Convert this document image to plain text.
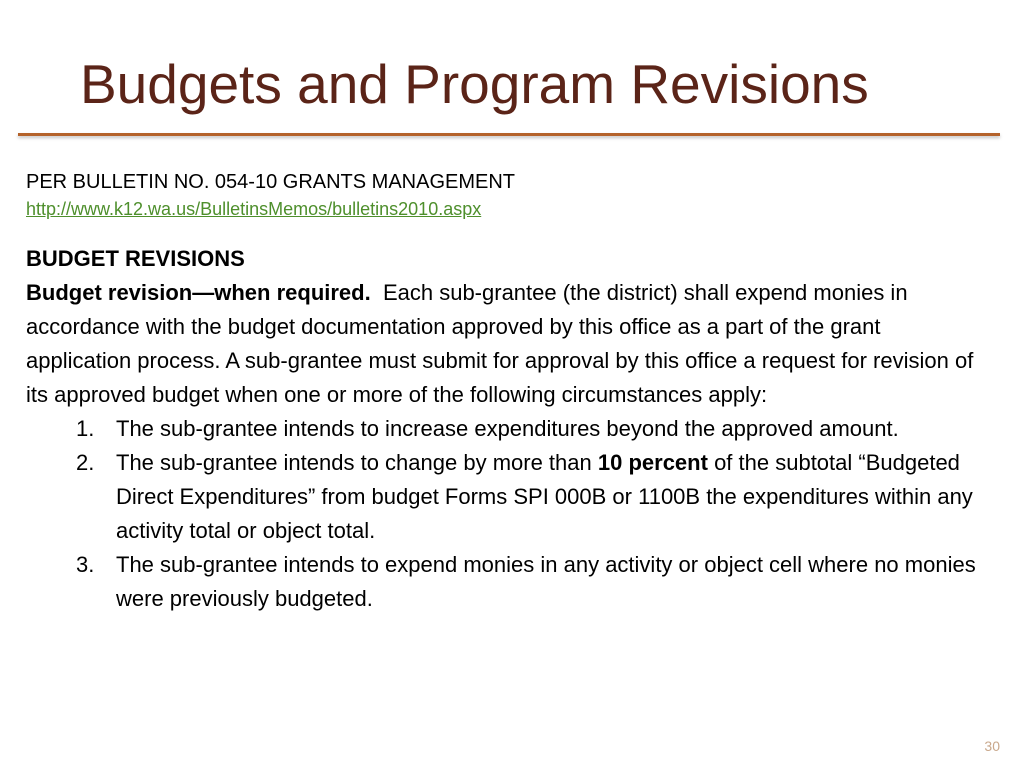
Budgets and Program Revisions
PER BULLETIN NO. 054-10 GRANTS MANAGEMENT
http://www.k12.wa.us/BulletinsMemos/bulletins2010.aspx
BUDGET REVISIONS

Budget revision—when required. Each sub-grantee (the district) shall expend monies in accordance with the budget documentation approved by this office as a part of the grant application process. A sub-grantee must submit for approval by this office a request for revision of its approved budget when one or more of the following circumstances apply:

1. The sub-grantee intends to increase expenditures beyond the approved amount.
2. The sub-grantee intends to change by more than 10 percent of the subtotal “Budgeted Direct Expenditures” from budget Forms SPI 000B or 1100B the expenditures within any activity total or object total.
3. The sub-grantee intends to expend monies in any activity or object cell where no monies were previously budgeted.
30
